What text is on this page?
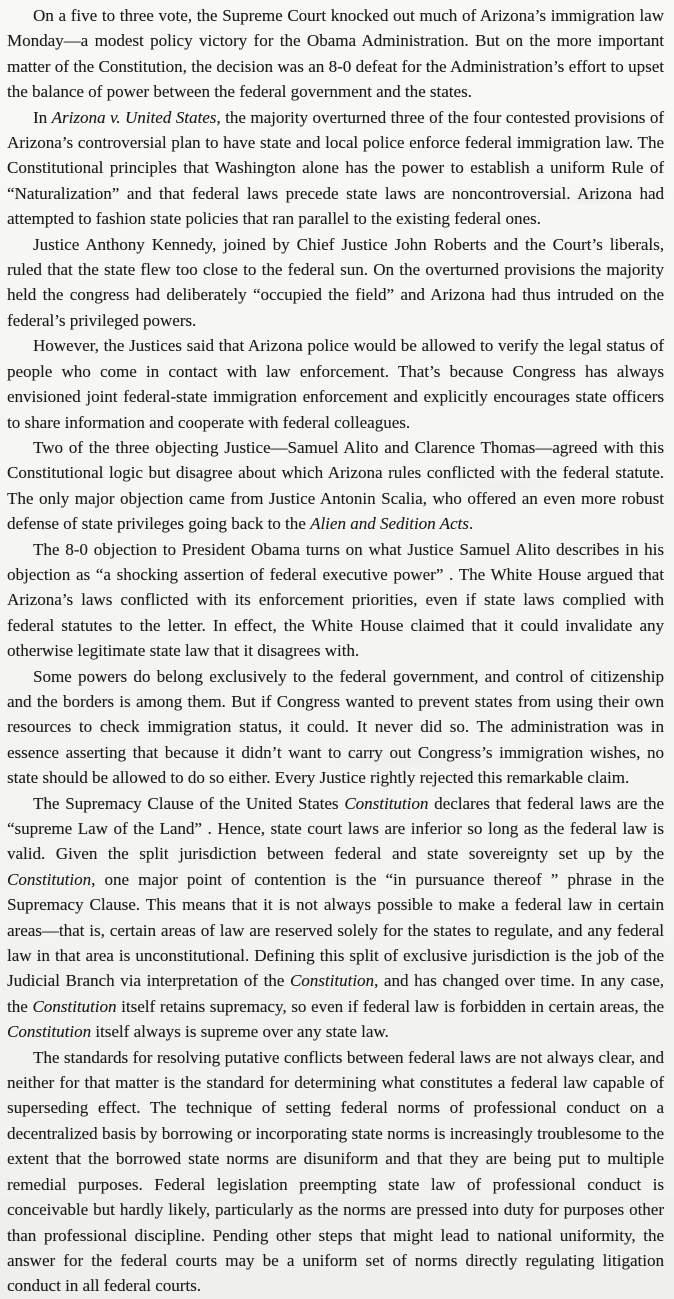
On a five to three vote, the Supreme Court knocked out much of Arizona’s immigration law Monday—a modest policy victory for the Obama Administration. But on the more important matter of the Constitution, the decision was an 8-0 defeat for the Administration’s effort to upset the balance of power between the federal government and the states.

In Arizona v. United States, the majority overturned three of the four contested provisions of Arizona’s controversial plan to have state and local police enforce federal immigration law. The Constitutional principles that Washington alone has the power to establish a uniform Rule of “Naturalization” and that federal laws precede state laws are noncontroversial. Arizona had attempted to fashion state policies that ran parallel to the existing federal ones.

Justice Anthony Kennedy, joined by Chief Justice John Roberts and the Court’s liberals, ruled that the state flew too close to the federal sun. On the overturned provisions the majority held the congress had deliberately “occupied the field” and Arizona had thus intruded on the federal’s privileged powers.

However, the Justices said that Arizona police would be allowed to verify the legal status of people who come in contact with law enforcement. That’s because Congress has always envisioned joint federal-state immigration enforcement and explicitly encourages state officers to share information and cooperate with federal colleagues.

Two of the three objecting Justice—Samuel Alito and Clarence Thomas—agreed with this Constitutional logic but disagree about which Arizona rules conflicted with the federal statute. The only major objection came from Justice Antonin Scalia, who offered an even more robust defense of state privileges going back to the Alien and Sedition Acts.

The 8-0 objection to President Obama turns on what Justice Samuel Alito describes in his objection as “a shocking assertion of federal executive power” . The White House argued that Arizona’s laws conflicted with its enforcement priorities, even if state laws complied with federal statutes to the letter. In effect, the White House claimed that it could invalidate any otherwise legitimate state law that it disagrees with.

Some powers do belong exclusively to the federal government, and control of citizenship and the borders is among them. But if Congress wanted to prevent states from using their own resources to check immigration status, it could. It never did so. The administration was in essence asserting that because it didn’t want to carry out Congress’s immigration wishes, no state should be allowed to do so either. Every Justice rightly rejected this remarkable claim.

The Supremacy Clause of the United States Constitution declares that federal laws are the “supreme Law of the Land” . Hence, state court laws are inferior so long as the federal law is valid. Given the split jurisdiction between federal and state sovereignty set up by the Constitution, one major point of contention is the “in pursuance thereof ” phrase in the Supremacy Clause. This means that it is not always possible to make a federal law in certain areas—that is, certain areas of law are reserved solely for the states to regulate, and any federal law in that area is unconstitutional. Defining this split of exclusive jurisdiction is the job of the Judicial Branch via interpretation of the Constitution, and has changed over time. In any case, the Constitution itself retains supremacy, so even if federal law is forbidden in certain areas, the Constitution itself always is supreme over any state law.

The standards for resolving putative conflicts between federal laws are not always clear, and neither for that matter is the standard for determining what constitutes a federal law capable of superseding effect. The technique of setting federal norms of professional conduct on a decentralized basis by borrowing or incorporating state norms is increasingly troublesome to the extent that the borrowed state norms are disuniform and that they are being put to multiple remedial purposes. Federal legislation preempting state law of professional conduct is conceivable but hardly likely, particularly as the norms are pressed into duty for purposes other than professional discipline. Pending other steps that might lead to national uniformity, the answer for the federal courts may be a uniform set of norms directly regulating litigation conduct in all federal courts.
